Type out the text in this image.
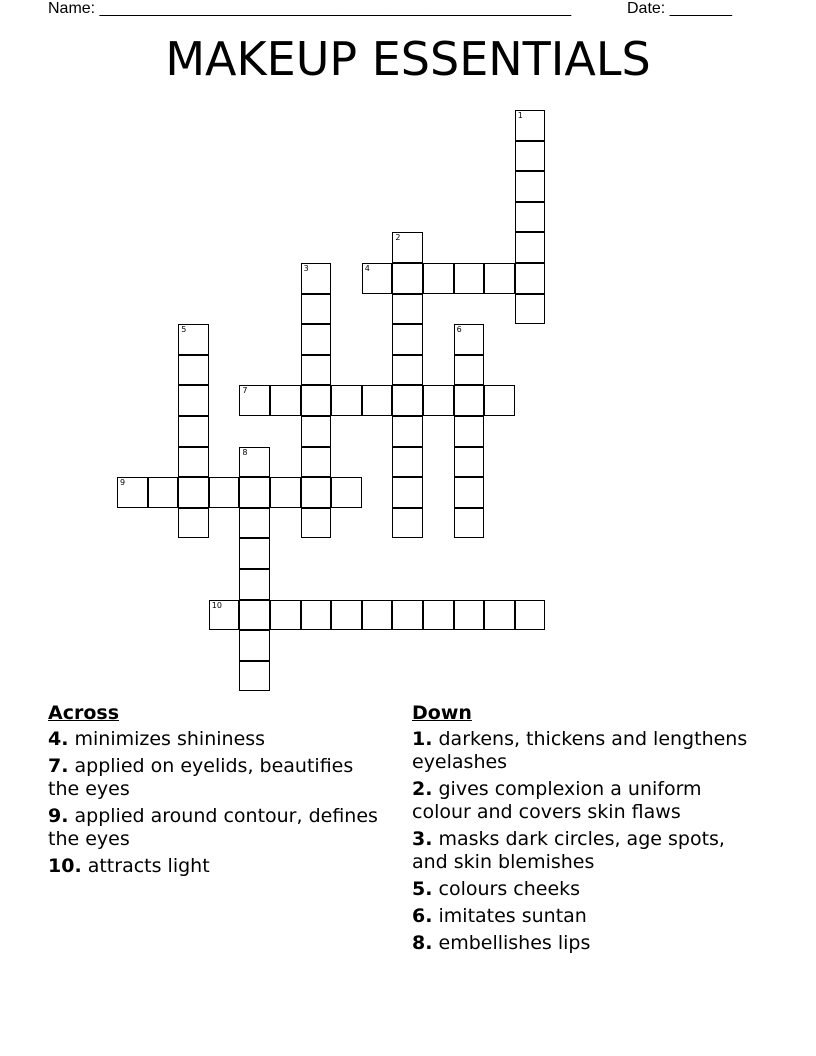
Name: _____________________________________________________	Date: _______
MAKEUP ESSENTIALS
1
2
3	4
5	6
7
8
9
10
Across
4. minimizes shininess
7. applied on eyelids, beautifies the eyes
9. applied around contour, defines the eyes
10. attracts light
Down
1. darkens, thickens and lengthens eyelashes
2. gives complexion a uniform colour and covers skin flaws
3. masks dark circles, age spots, and skin blemishes
5. colours cheeks
6. imitates suntan
8. embellishes lips
